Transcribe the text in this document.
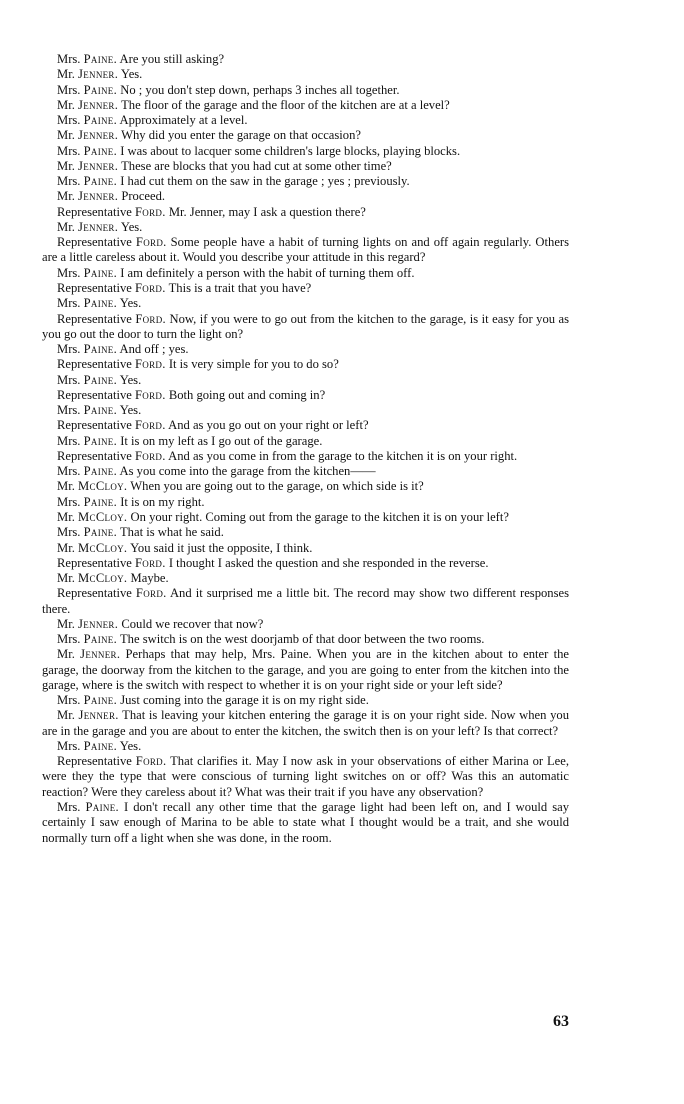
Mrs. Paine. Are you still asking?

Mr. Jenner. Yes.

Mrs. Paine. No ; you don't step down, perhaps 3 inches all together.

Mr. Jenner. The floor of the garage and the floor of the kitchen are at a level?

Mrs. Paine. Approximately at a level.

Mr. Jenner. Why did you enter the garage on that occasion?

Mrs. Paine. I was about to lacquer some children's large blocks, playing blocks.

Mr. Jenner. These are blocks that you had cut at some other time?

Mrs. Paine. I had cut them on the saw in the garage ; yes ; previously.

Mr. Jenner. Proceed.

Representative Ford. Mr. Jenner, may I ask a question there?

Mr. Jenner. Yes.

Representative Ford. Some people have a habit of turning lights on and off again regularly. Others are a little careless about it. Would you describe your attitude in this regard?

Mrs. Paine. I am definitely a person with the habit of turning them off.

Representative Ford. This is a trait that you have?

Mrs. Paine. Yes.

Representative Ford. Now, if you were to go out from the kitchen to the garage, is it easy for you as you go out the door to turn the light on?

Mrs. Paine. And off ; yes.

Representative Ford. It is very simple for you to do so?

Mrs. Paine. Yes.

Representative Ford. Both going out and coming in?

Mrs. Paine. Yes.

Representative Ford. And as you go out on your right or left?

Mrs. Paine. It is on my left as I go out of the garage.

Representative Ford. And as you come in from the garage to the kitchen it is on your right.

Mrs. Paine. As you come into the garage from the kitchen——

Mr. McCloy. When you are going out to the garage, on which side is it?

Mrs. Paine. It is on my right.

Mr. McCloy. On your right. Coming out from the garage to the kitchen it is on your left?

Mrs. Paine. That is what he said.

Mr. McCloy. You said it just the opposite, I think.

Representative Ford. I thought I asked the question and she responded in the reverse.

Mr. McCloy. Maybe.

Representative Ford. And it surprised me a little bit. The record may show two different responses there.

Mr. Jenner. Could we recover that now?

Mrs. Paine. The switch is on the west doorjamb of that door between the two rooms.

Mr. Jenner. Perhaps that may help, Mrs. Paine. When you are in the kitchen about to enter the garage, the doorway from the kitchen to the garage, and you are going to enter from the kitchen into the garage, where is the switch with respect to whether it is on your right side or your left side?

Mrs. Paine. Just coming into the garage it is on my right side.

Mr. Jenner. That is leaving your kitchen entering the garage it is on your right side. Now when you are in the garage and you are about to enter the kitchen, the switch then is on your left? Is that correct?

Mrs. Paine. Yes.

Representative Ford. That clarifies it. May I now ask in your observations of either Marina or Lee, were they the type that were conscious of turning light switches on or off? Was this an automatic reaction? Were they careless about it? What was their trait if you have any observation?

Mrs. Paine. I don't recall any other time that the garage light had been left on, and I would say certainly I saw enough of Marina to be able to state what I thought would be a trait, and she would normally turn off a light when she was done, in the room.

63
